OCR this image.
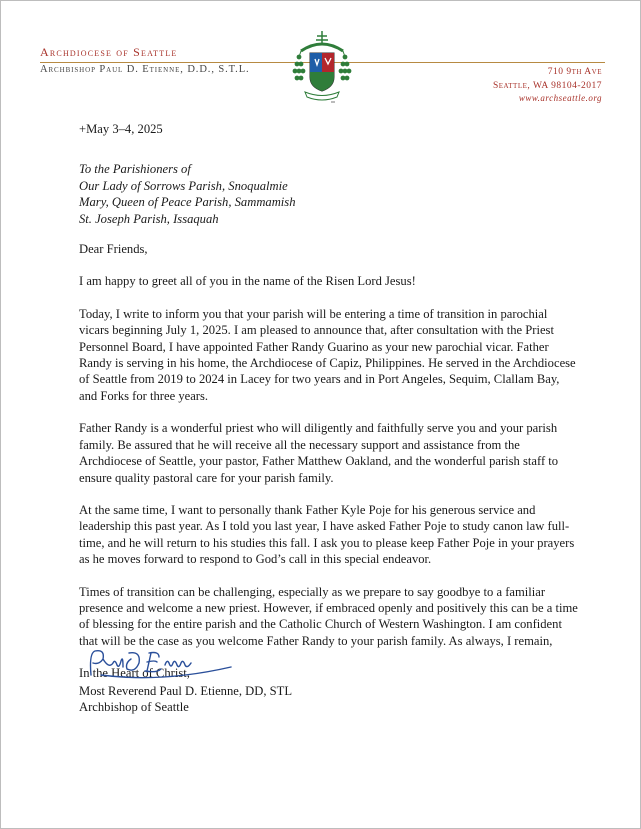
Archdiocese of Seattle
Archbishop Paul D. Etienne, D.D., S.T.L.	710 9th Ave
Seattle, WA 98104-2017
www.archseattle.org

+May 3–4, 2025

To the Parishioners of
Our Lady of Sorrows Parish, Snoqualmie
Mary, Queen of Peace Parish, Sammamish
St. Joseph Parish, Issaquah

Dear Friends,

I am happy to greet all of you in the name of the Risen Lord Jesus!

Today, I write to inform you that your parish will be entering a time of transition in parochial vicars beginning July 1, 2025. I am pleased to announce that, after consultation with the Priest Personnel Board, I have appointed Father Randy Guarino as your new parochial vicar. Father Randy is serving in his home, the Archdiocese of Capiz, Philippines. He served in the Archdiocese of Seattle from 2019 to 2024 in Lacey for two years and in Port Angeles, Sequim, Clallam Bay, and Forks for three years.

Father Randy is a wonderful priest who will diligently and faithfully serve you and your parish family. Be assured that he will receive all the necessary support and assistance from the Archdiocese of Seattle, your pastor, Father Matthew Oakland, and the wonderful parish staff to ensure quality pastoral care for your parish family.

At the same time, I want to personally thank Father Kyle Poje for his generous service and leadership this past year. As I told you last year, I have asked Father Poje to study canon law full-time, and he will return to his studies this fall. I ask you to please keep Father Poje in your prayers as he moves forward to respond to God’s call in this special endeavor.

Times of transition can be challenging, especially as we prepare to say goodbye to a familiar presence and welcome a new priest. However, if embraced openly and positively this can be a time of blessing for the entire parish and the Catholic Church of Western Washington. I am confident that will be the case as you welcome Father Randy to your parish family. As always, I remain,

In the Heart of Christ,

Most Reverend Paul D. Etienne, DD, STL
Archbishop of Seattle
